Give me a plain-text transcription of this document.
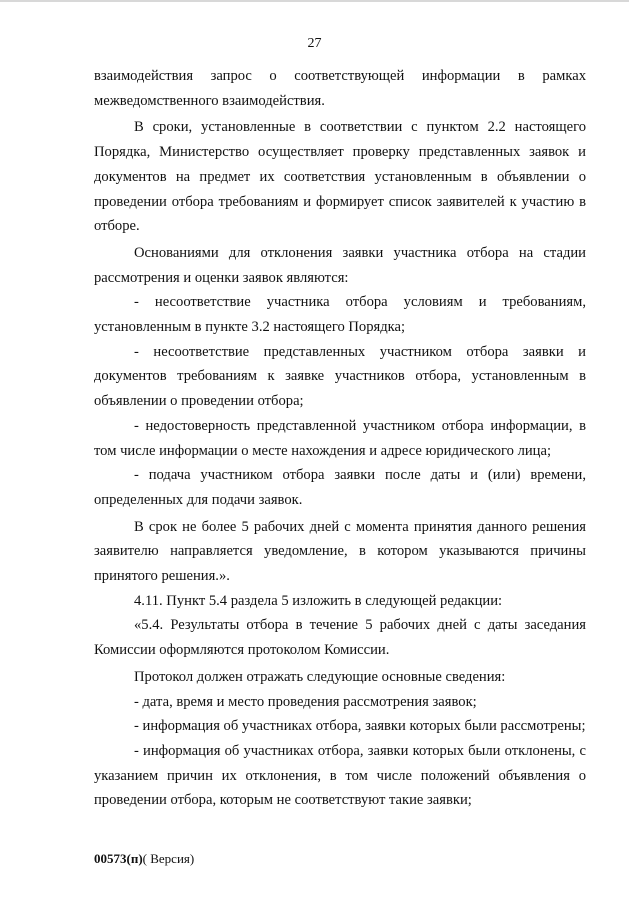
27

взаимодействия запрос о соответствующей информации в рамках межведомственного взаимодействия.

В сроки, установленные в соответствии с пунктом 2.2 настоящего Порядка, Министерство осуществляет проверку представленных заявок и документов на предмет их соответствия установленным в объявлении о проведении отбора требованиям и формирует список заявителей к участию в отборе.

Основаниями для отклонения заявки участника отбора на стадии рассмотрения и оценки заявок являются:

- несоответствие участника отбора условиям и требованиям, установленным в пункте 3.2 настоящего Порядка;

- несоответствие представленных участником отбора заявки и документов требованиям к заявке участников отбора, установленным в объявлении о проведении отбора;

- недостоверность представленной участником отбора информации, в том числе информации о месте нахождения и адресе юридического лица;

- подача участником отбора заявки после даты и (или) времени, определенных для подачи заявок.

В срок не более 5 рабочих дней с момента принятия данного решения заявителю направляется уведомление, в котором указываются причины принятого решения.».

4.11. Пункт 5.4 раздела 5 изложить в следующей редакции:

«5.4. Результаты отбора в течение 5 рабочих дней с даты заседания Комиссии оформляются протоколом Комиссии.

Протокол должен отражать следующие основные сведения:

- дата, время и место проведения рассмотрения заявок;

- информация об участниках отбора, заявки которых были рассмотрены;

- информация об участниках отбора, заявки которых были отклонены, с указанием причин их отклонения, в том числе положений объявления о проведении отбора, которым не соответствуют такие заявки;

00573(п)( Версия)
